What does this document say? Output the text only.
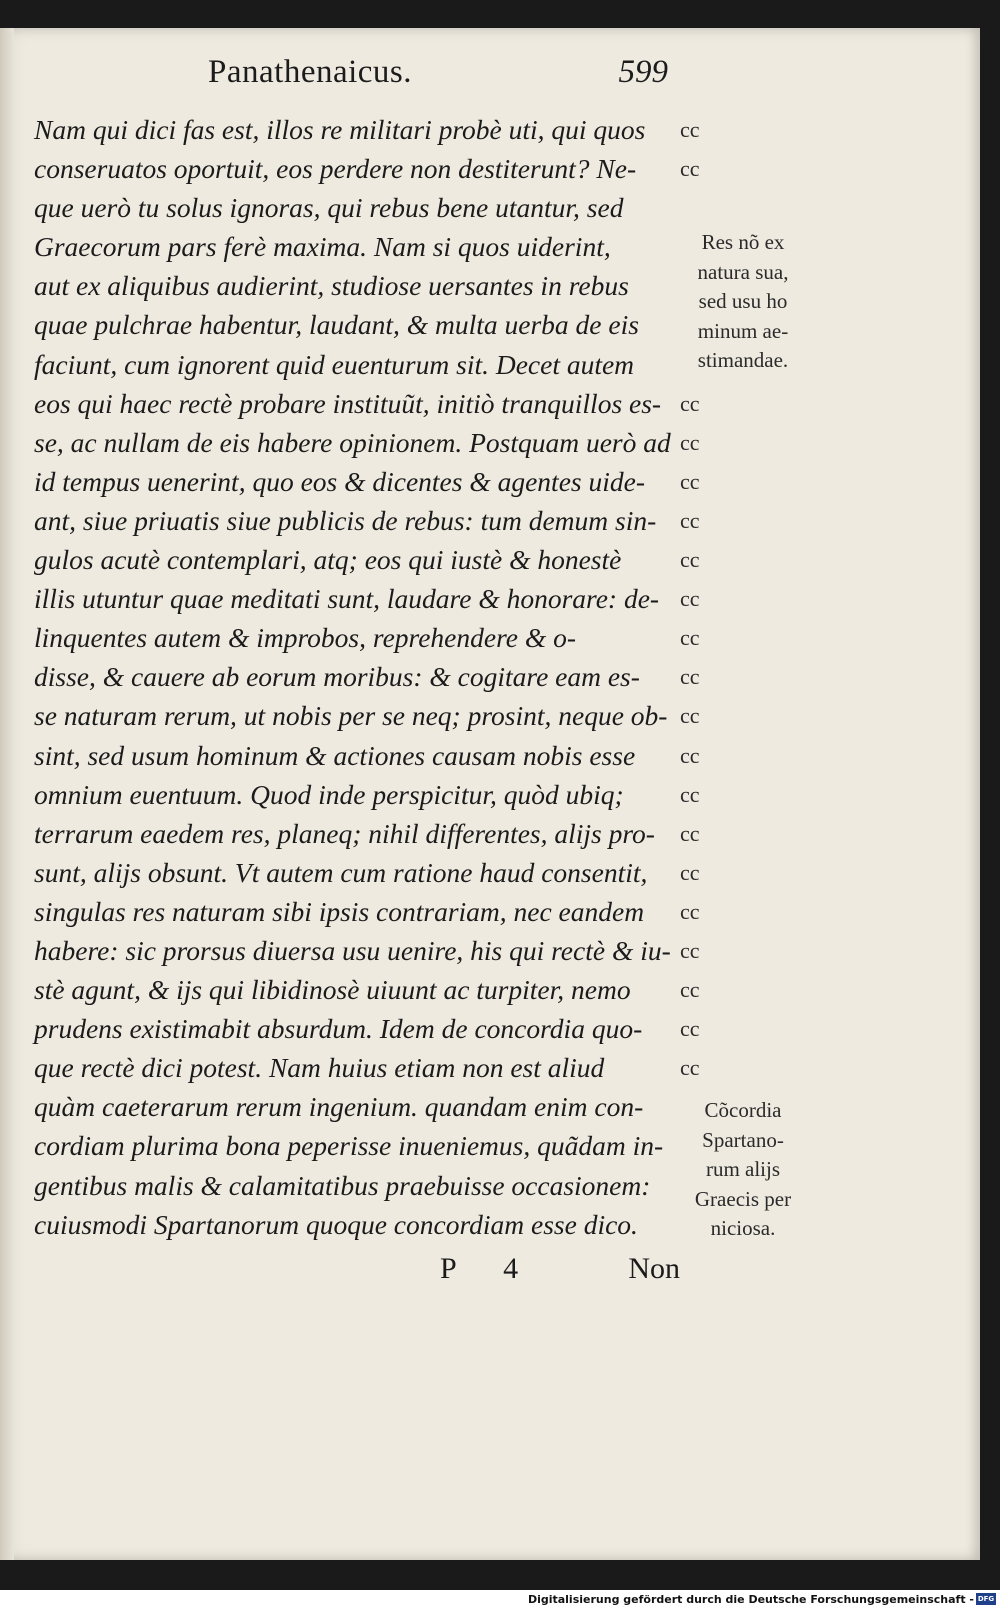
Panathenaicus.	599
Nam qui dici fas est, illos re militari probè uti, qui quos
conseruatos oportuit, eos perdere non destiterunt? Ne-
que uerò tu solus ignoras, qui rebus bene utantur, sed
Graecorum pars ferè maxima. Nam si quos uiderint,
aut ex aliquibus audierint, studiose uersantes in rebus
quae pulchrae habentur, laudant, & multa uerba de eis
faciunt, cum ignorent quid euenturum sit. Decet autem
eos qui haec rectè probare instituũt, initiò tranquillos es-
se, ac nullam de eis habere opinionem. Postquam uerò ad
id tempus uenerint, quo eos & dicentes & agentes uide-
ant, siue priuatis siue publicis de rebus: tum demum sin-
gulos acutè contemplari, atq; eos qui iustè & honestè
illis utuntur quae meditati sunt, laudare & honorare: de-
linquentes autem & improbos, reprehendere & o-
disse, & cauere ab eorum moribus: & cogitare eam es-
se naturam rerum, ut nobis per se neq; prosint, neque ob-
sint, sed usum hominum & actiones causam nobis esse
omnium euentuum. Quod inde perspicitur, quòd ubiq;
terrarum eaedem res, planeq; nihil differentes, alijs pro-
sunt, alijs obsunt. Vt autem cum ratione haud consentit,
singulas res naturam sibi ipsis contrariam, nec eandem
habere: sic prorsus diuersa usu uenire, his qui rectè & iu-
stè agunt, & ijs qui libidinosè uiuunt ac turpiter, nemo
prudens existimabit absurdum. Idem de concordia quo-
que rectè dici potest. Nam huius etiam non est aliud
quàm caeterarum rerum ingenium. quandam enim con-
cordiam plurima bona peperisse inueniemus, quãdam in-
gentibus malis & calamitatibus praebuisse occasionem:
cuiusmodi Spartanorum quoque concordiam esse dico.
cc
cc
cc
cc
cc
cc
cc
cc
cc
cc
cc
cc
cc
cc
cc
cc
cc
cc
cc
cc
Res nõ ex
natura sua,
sed usu ho
minum ae-
stimandae.
Cõcordia
Spartano-
rum alijs
Graecis per
niciosa.
P 4	Non
Digitalisierung gefördert durch die Deutsche Forschungsgemeinschaft - DFG
